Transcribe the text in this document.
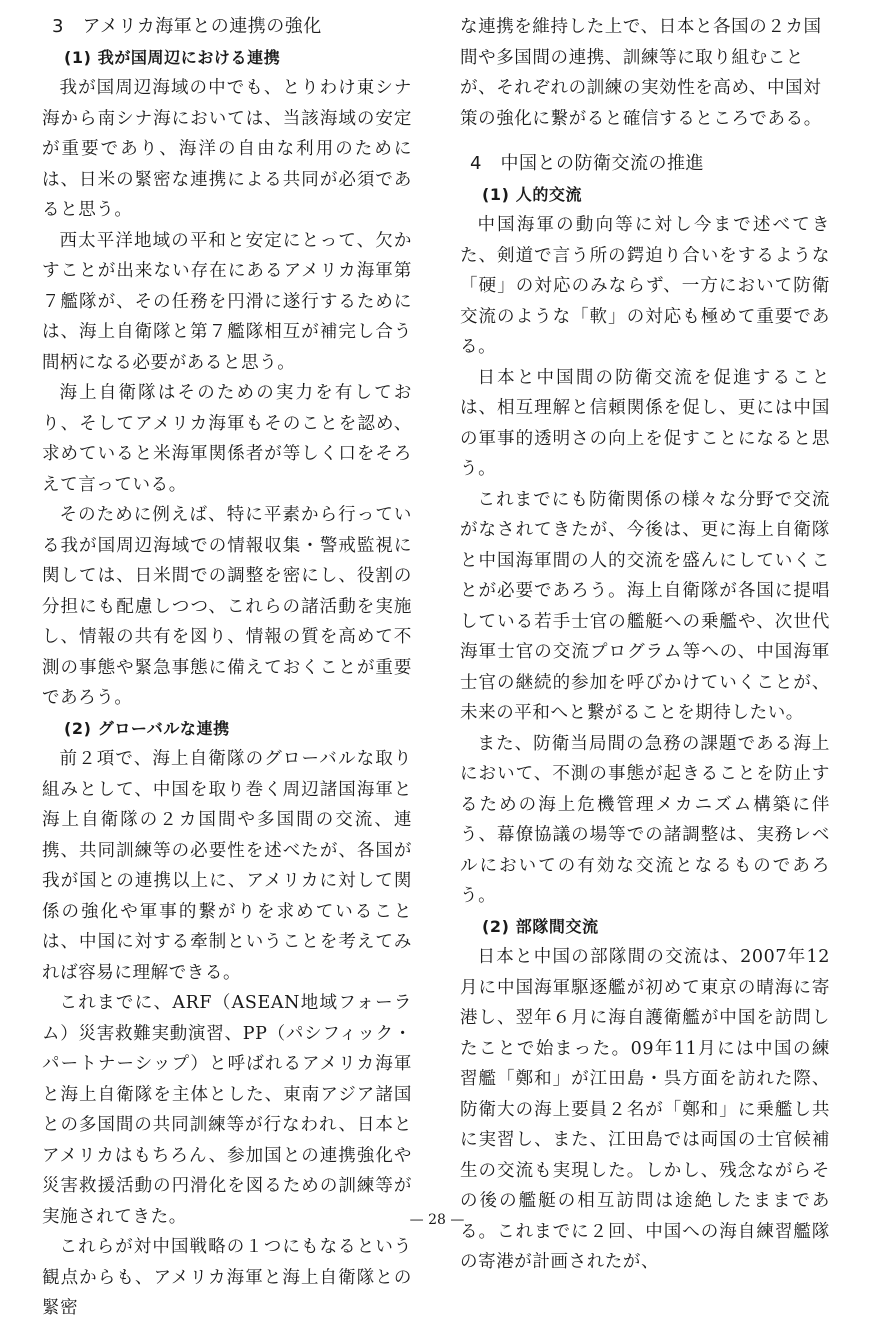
3　アメリカ海軍との連携の強化

(1) 我が国周辺における連携

我が国周辺海域の中でも、とりわけ東シナ海から南シナ海においては、当該海域の安定が重要であり、海洋の自由な利用のためには、日米の緊密な連携による共同が必須であると思う。

西太平洋地域の平和と安定にとって、欠かすことが出来ない存在にあるアメリカ海軍第７艦隊が、その任務を円滑に遂行するためには、海上自衛隊と第７艦隊相互が補完し合う間柄になる必要があると思う。

海上自衛隊はそのための実力を有しており、そしてアメリカ海軍もそのことを認め、求めていると米海軍関係者が等しく口をそろえて言っている。

そのために例えば、特に平素から行っている我が国周辺海域での情報収集・警戒監視に関しては、日米間での調整を密にし、役割の分担にも配慮しつつ、これらの諸活動を実施し、情報の共有を図り、情報の質を高めて不測の事態や緊急事態に備えておくことが重要であろう。

(2) グローバルな連携

前２項で、海上自衛隊のグローバルな取り組みとして、中国を取り巻く周辺諸国海軍と海上自衛隊の２カ国間や多国間の交流、連携、共同訓練等の必要性を述べたが、各国が我が国との連携以上に、アメリカに対して関係の強化や軍事的繋がりを求めていることは、中国に対する牽制ということを考えてみれば容易に理解できる。

これまでに、ARF（ASEAN地域フォーラム）災害救難実動演習、PP（パシフィック・パートナーシップ）と呼ばれるアメリカ海軍と海上自衛隊を主体とした、東南アジア諸国との多国間の共同訓練等が行なわれ、日本とアメリカはもちろん、参加国との連携強化や災害救援活動の円滑化を図るための訓練等が実施されてきた。

これらが対中国戦略の１つにもなるという観点からも、アメリカ海軍と海上自衛隊との緊密

な連携を維持した上で、日本と各国の２カ国間や多国間の連携、訓練等に取り組むことが、それぞれの訓練の実効性を高め、中国対策の強化に繋がると確信するところである。

4　中国との防衛交流の推進

(1) 人的交流

中国海軍の動向等に対し今まで述べてきた、剣道で言う所の鍔迫り合いをするような「硬」の対応のみならず、一方において防衛交流のような「軟」の対応も極めて重要である。

日本と中国間の防衛交流を促進することは、相互理解と信頼関係を促し、更には中国の軍事的透明さの向上を促すことになると思う。

これまでにも防衛関係の様々な分野で交流がなされてきたが、今後は、更に海上自衛隊と中国海軍間の人的交流を盛んにしていくことが必要であろう。海上自衛隊が各国に提唱している若手士官の艦艇への乗艦や、次世代海軍士官の交流プログラム等への、中国海軍士官の継続的参加を呼びかけていくことが、未来の平和へと繋がることを期待したい。

また、防衛当局間の急務の課題である海上において、不測の事態が起きることを防止するための海上危機管理メカニズム構築に伴う、幕僚協議の場等での諸調整は、実務レベルにおいての有効な交流となるものであろう。

(2) 部隊間交流

日本と中国の部隊間の交流は、2007年12月に中国海軍駆逐艦が初めて東京の晴海に寄港し、翌年６月に海自護衛艦が中国を訪問したことで始まった。09年11月には中国の練習艦「鄭和」が江田島・呉方面を訪れた際、防衛大の海上要員２名が「鄭和」に乗艦し共に実習し、また、江田島では両国の士官候補生の交流も実現した。しかし、残念ながらその後の艦艇の相互訪問は途絶したままである。これまでに２回、中国への海自練習艦隊の寄港が計画されたが、

— 28 —
